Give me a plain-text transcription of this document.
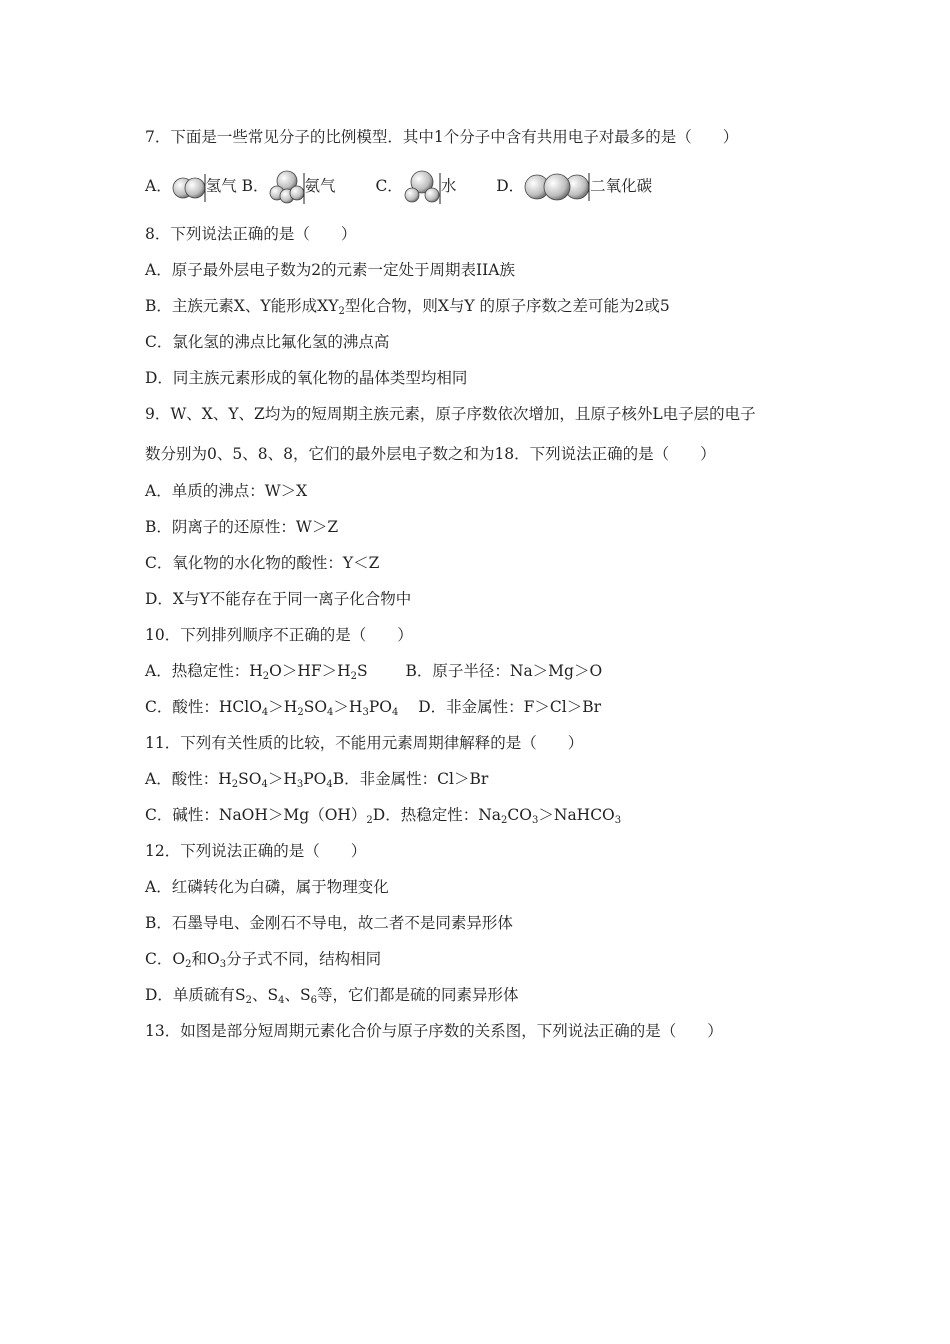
7．下面是一些常见分子的比例模型．其中1个分子中含有共用电子对最多的是（　　）
A． 氢气 B． 氨气	C． 水	D．	二氧化碳
8．下列说法正确的是（　　）
A．原子最外层电子数为2的元素一定处于周期表IIA族
B．主族元素X、Y能形成$XY_2$型化合物，则X与Y 的原子序数之差可能为2或5
C．氯化氢的沸点比氟化氢的沸点高
D．同主族元素形成的氧化物的晶体类型均相同
9．W、X、Y、Z均为的短周期主族元素，原子序数依次增加，且原子核外L电子层的电子
数分别为0、5、8、8，它们的最外层电子数之和为18．下列说法正确的是（　　）
A．单质的沸点：W＞X
B．阴离子的还原性：W＞Z
C．氧化物的水化物的酸性：Y＜Z
D．X与Y不能存在于同一离子化合物中
10．下列排列顺序不正确的是（　　）
A．热稳定性：$H_2O>HF>H_2S$ B．原子半径：Na＞Mg＞O
C．酸性：$HClO_4>H_2SO_4>H_3PO_4$ D．非金属性：F＞Cl＞Br
11．下列有关性质的比较，不能用元素周期律解释的是（　　）
A．酸性：$H_2SO_4>H_3PO_4B$．非金属性：Cl＞Br
C．碱性：$NaOH>Mg(OH)_2D$．热稳定性：$Na_2CO_3>NaHCO_3$
12．下列说法正确的是（　　）
A．红磷转化为白磷，属于物理变化
B．石墨导电、金刚石不导电，故二者不是同素异形体
C．$O_2$和$O_3$分子式不同，结构相同
D．单质硫有$S_2$、$S_4$、$S_6$等，它们都是硫的同素异形体
13．如图是部分短周期元素化合价与原子序数的关系图，下列说法正确的是（　　）
